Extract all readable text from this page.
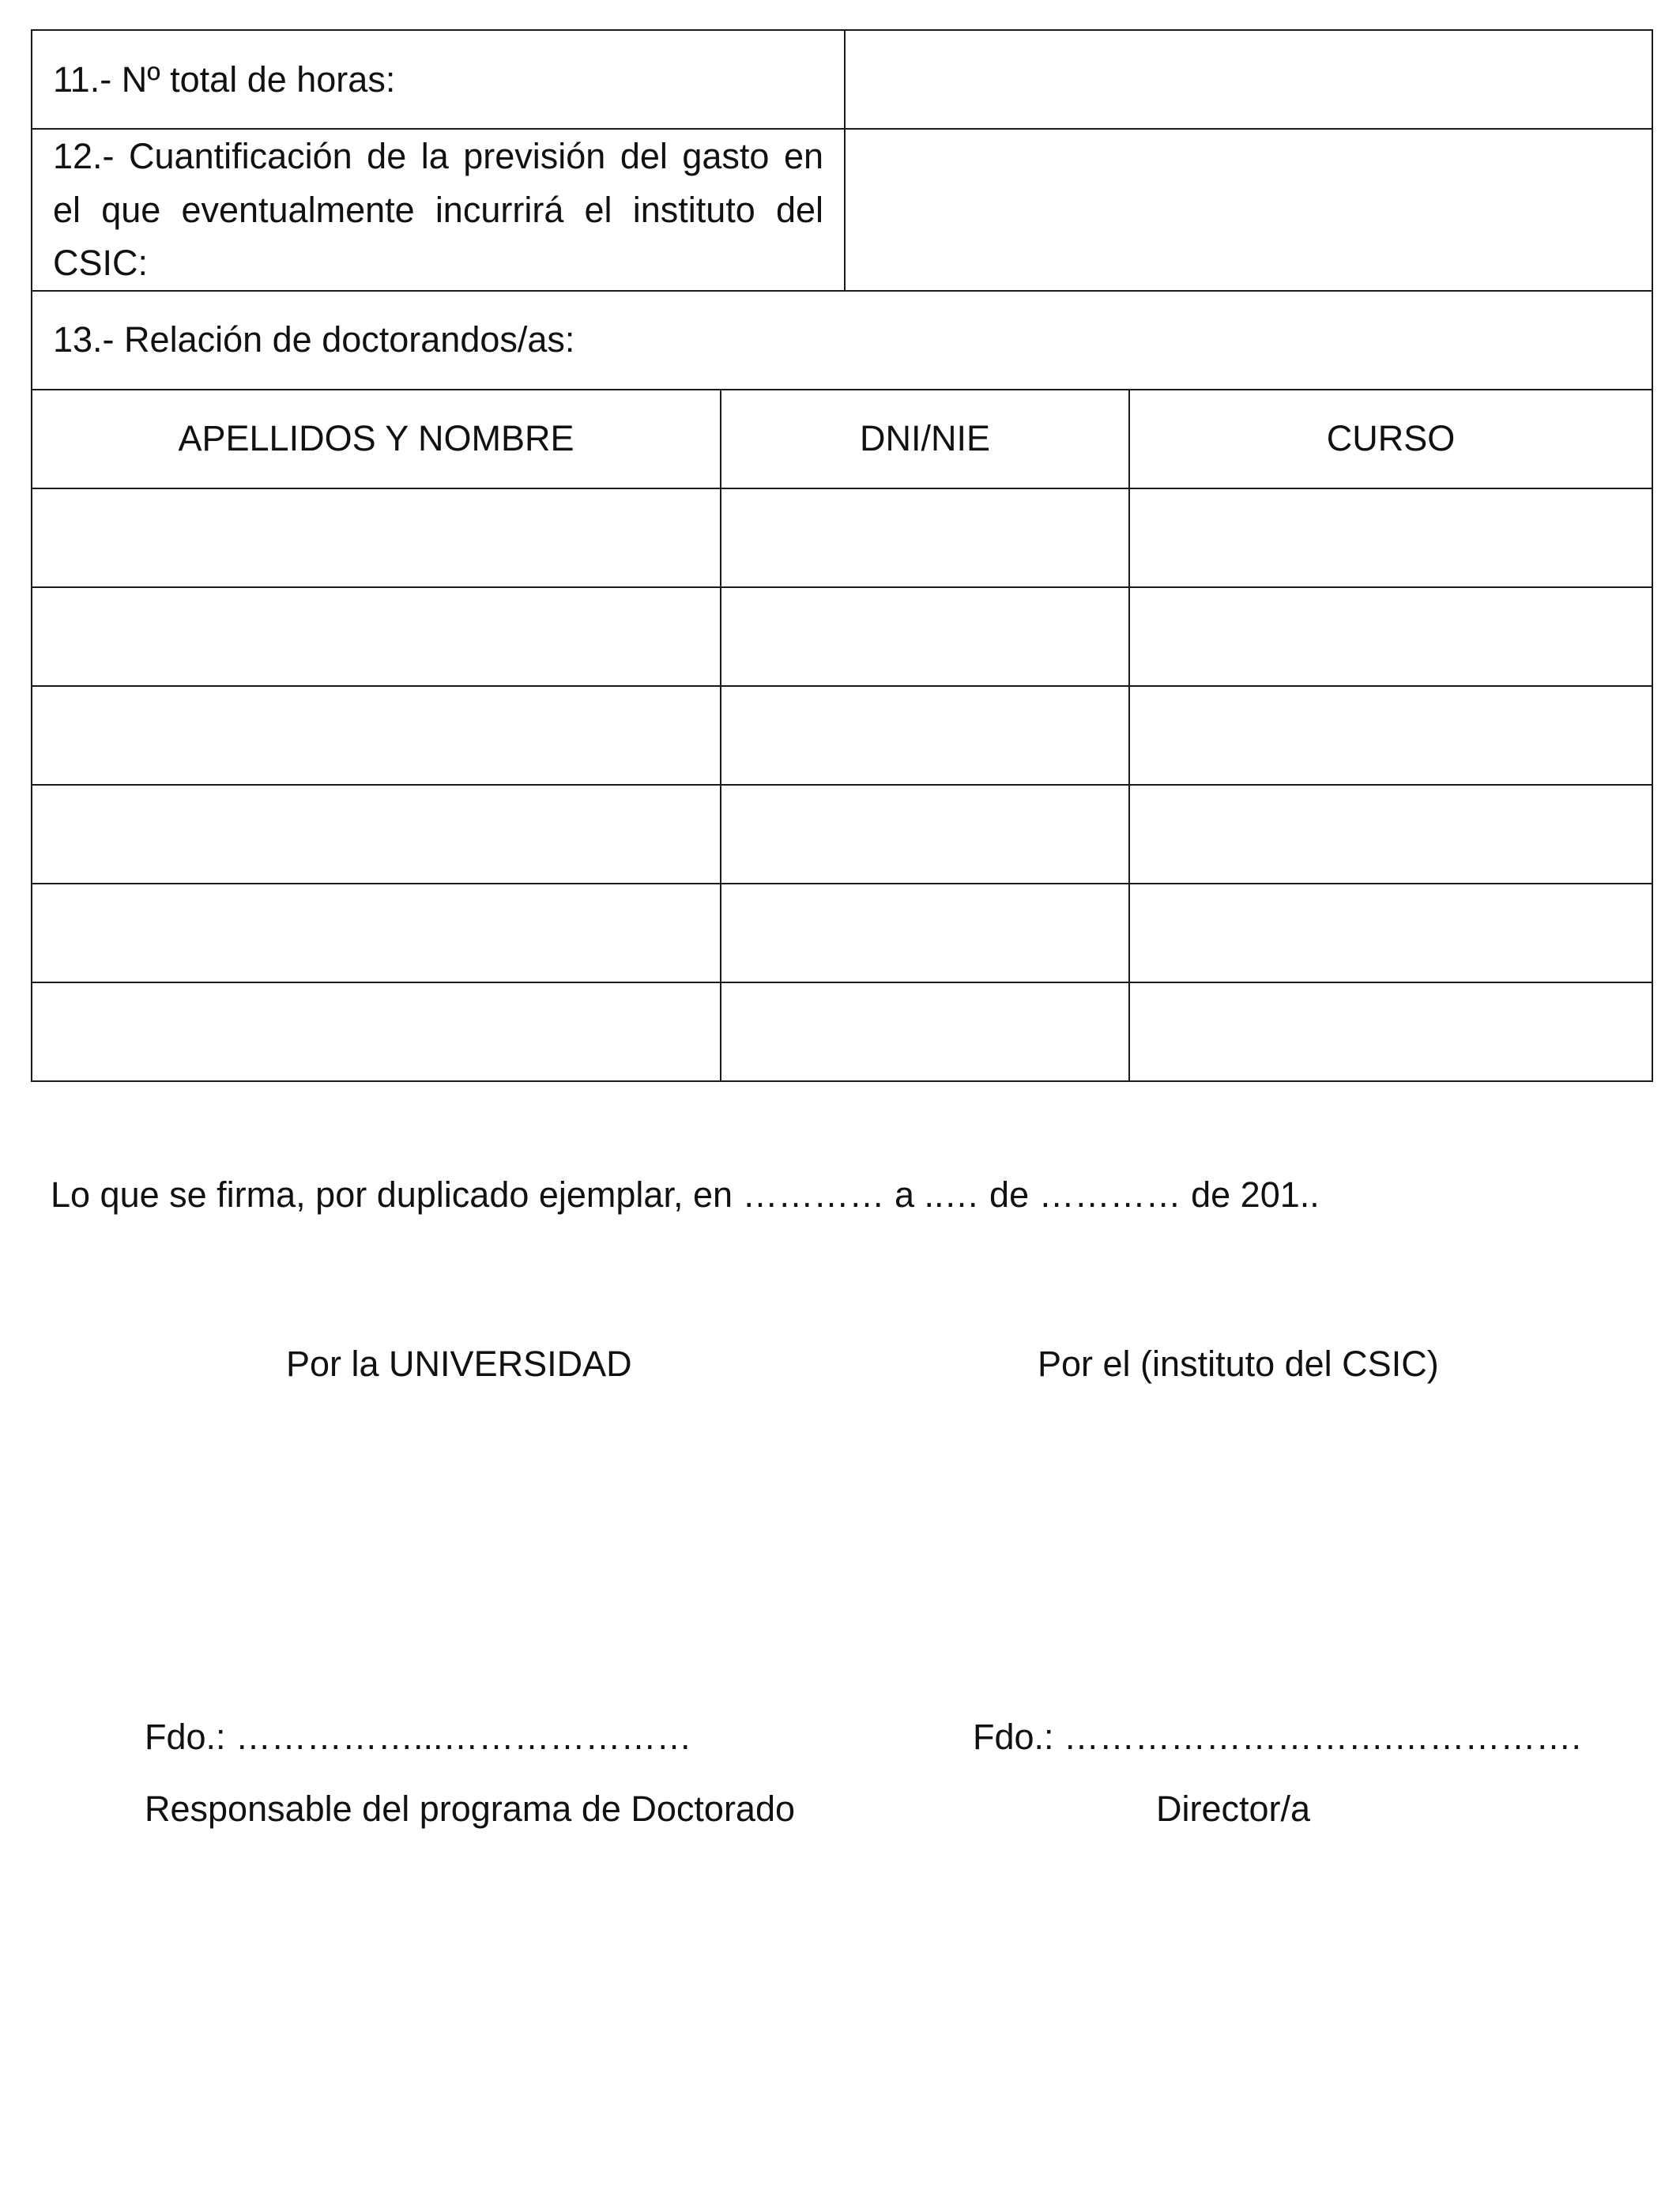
11.- Nº total de horas:			
12.- Cuantificación de la previsión del gasto en el que eventualmente incurrirá el instituto del CSIC:			
13.- Relación de doctorandos/as:			
APELLIDOS Y NOMBRE	DNI/NIE		CURSO

Lo que se firma, por duplicado ejemplar, en ………… a ..… de ………… de 201..
Por la UNIVERSIDAD	Por el (instituto del CSIC)
Fdo.: ……………...…………………	Fdo.: ……………………….…………….
Responsable del programa de Doctorado	Director/a
